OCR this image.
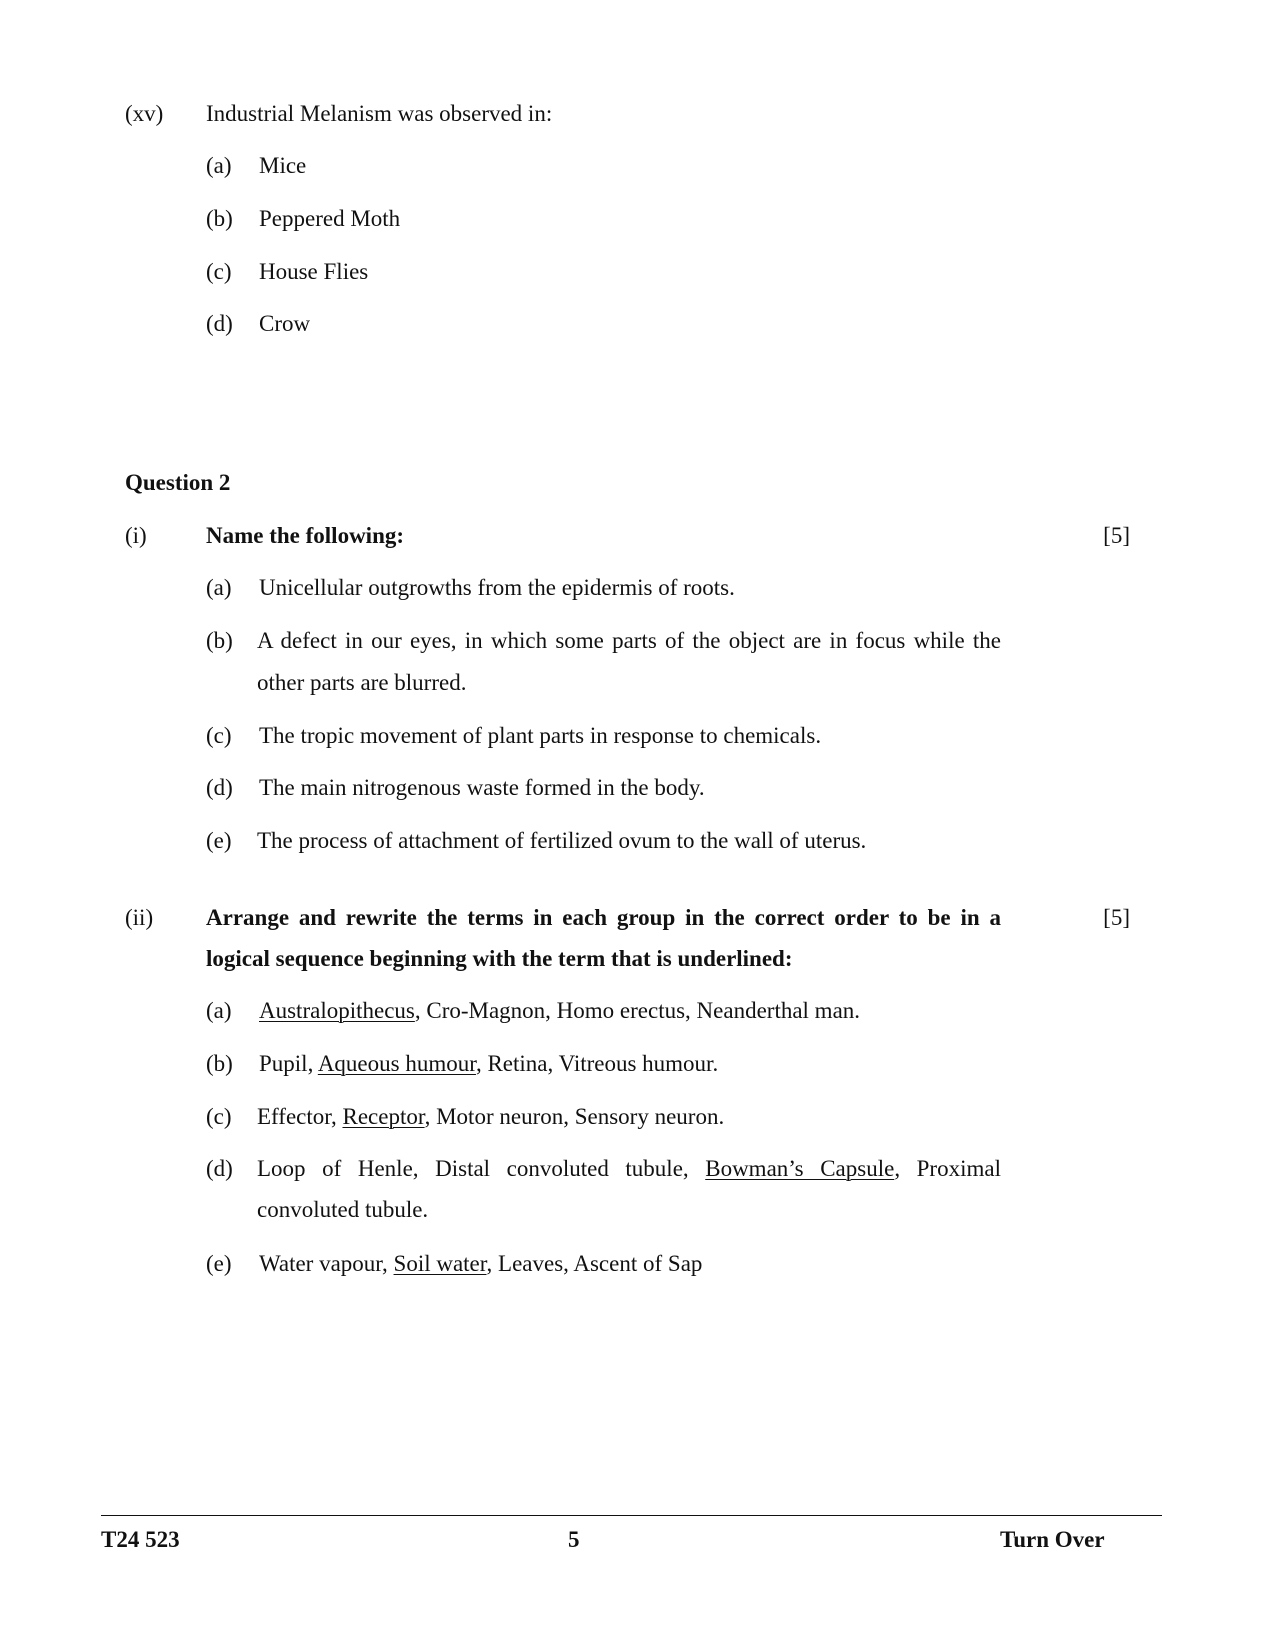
(xv) Industrial Melanism was observed in:
(a) Mice
(b) Peppered Moth
(c) House Flies
(d) Crow
Question 2
(i)	Name the following:	[5]
(a) Unicellular outgrowths from the epidermis of roots.
(b) A defect in our eyes, in which some parts of the object are in focus while the
other parts are blurred.
(c) The tropic movement of plant parts in response to chemicals.
(d) The main nitrogenous waste formed in the body.
(e) The process of attachment of fertilized ovum to the wall of uterus.
(ii) Arrange and rewrite the terms in each group in the correct order to be in a
logical sequence beginning with the term that is underlined:
[5]
(a) Australopithecus, Cro-Magnon, Homo erectus, Neanderthal man.
(b) Pupil, Aqueous humour, Retina, Vitreous humour.
(c) Effector, Receptor, Motor neuron, Sensory neuron.
(d) Loop of Henle, Distal convoluted tubule, Bowman’s Capsule, Proximal
convoluted tubule.
(e) Water vapour, Soil water, Leaves, Ascent of Sap
T24 523	5	Turn Over
